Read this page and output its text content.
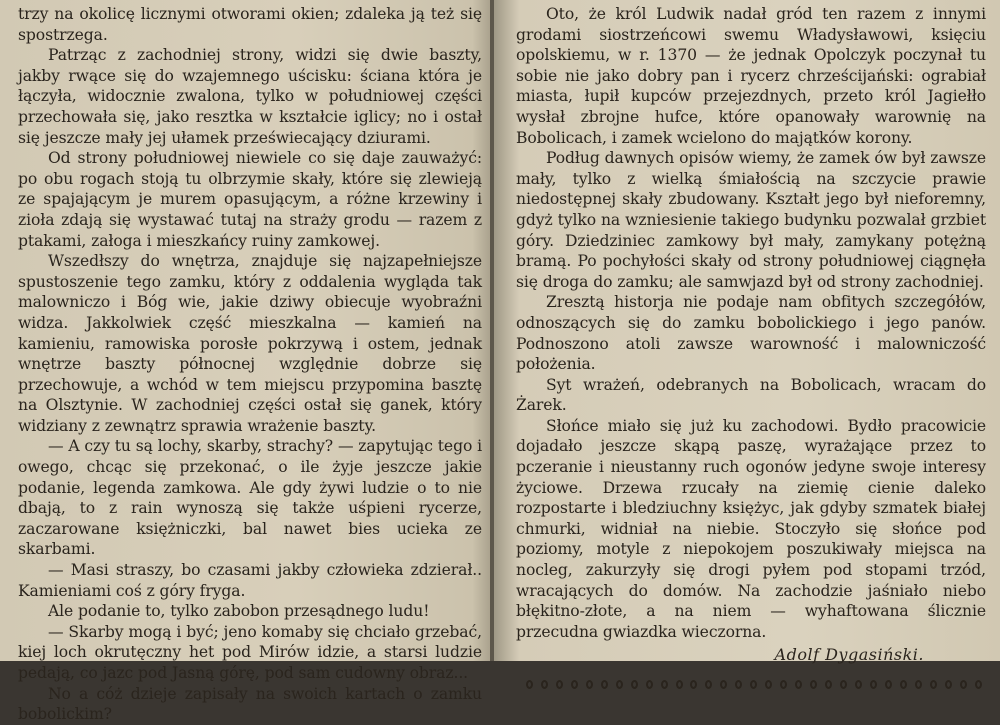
trzy na okolicę licznymi otworami okien; zdaleka ją też się spostrzega.

Patrząc z zachodniej strony, widzi się dwie baszty, jakby rwące się do wzajemnego uścisku: ściana która je łączyła, widocznie zwalona, tylko w południowej części przechowała się, jako resztka w kształcie iglicy; no i ostał się jeszcze mały jej ułamek przeświecający dziurami.

Od strony południowej niewiele co się daje zauważyć: po obu rogach stoją tu olbrzymie skały, które się zlewieją ze spajającym je murem opasującym, a różne krzewiny i zioła zdają się wystawać tutaj na straży grodu — razem z ptakami, załoga i mieszkańcy ruiny zamkowej.

Wszedłszy do wnętrza, znajduje się najzapełniejsze spustoszenie tego zamku, który z oddalenia wygląda tak malowniczo i Bóg wie, jakie dziwy obiecuje wyobraźni widza. Jakkolwiek część mieszkalna — kamień na kamieniu, ramowiska porosłe pokrzywą i ostem, jednak wnętrze baszty północnej względnie dobrze się przechowuje, a wchód w tem miejscu przypomina basztę na Olsztynie. W zachodniej części ostał się ganek, który widziany z zewnątrz sprawia wrażenie baszty.

— A czy tu są lochy, skarby, strachy? — zapytując tego i owego, chcąc się przekonać, o ile żyje jeszcze jakie podanie, legenda zamkowa. Ale gdy żywi ludzie o to nie dbają, to z rain wynoszą się także uśpieni rycerze, zaczarowane księżniczki, bal nawet bies ucieka ze skarbami.

— Masi straszy, bo czasami jakby człowieka zdzierał.. Kamieniami coś z góry fryga.

Ale podanie to, tylko zabobon przesądnego ludu!

— Skarby mogą i być; jeno komaby się chciało grzebać, kiej loch okrutęczny het pod Mirów idzie, a starsi ludzie pedają, co jazc pod Jasną górę, pod sam cudowny obraz...

No a cóż dzieje zapisały na swoich kartach o zamku bobolickim?

Oto, że król Ludwik nadał gród ten razem z innymi grodami siostrzeńcowi swemu Władysławowi, księciu opolskiemu, w r. 1370 — że jednak Opolczyk poczynał tu sobie nie jako dobry pan i rycerz chrześcijański: ograbiał miasta, łupił kupców przejezdnych, przeto król Jagiełło wysłał zbrojne hufce, które opanowały warownię na Bobolicach, i zamek wcielono do majątków korony.

Podług dawnych opisów wiemy, że zamek ów był zawsze mały, tylko z wielką śmiałością na szczycie prawie niedostępnej skały zbudowany. Kształt jego był nieforemny, gdyż tylko na wzniesienie takiego budynku pozwalał grzbiet góry. Dziedziniec zamkowy był mały, zamykany potężną bramą. Po pochyłości skały od strony południowej ciągnęła się droga do zamku; ale samwjazd był od strony zachodniej.

Zresztą historja nie podaje nam obfitych szczegółów, odnoszących się do zamku bobolickiego i jego panów. Podnoszono atoli zawsze warowność i malowniczość położenia.

Syt wrażeń, odebranych na Bobolicach, wracam do Żarek.

Słońce miało się już ku zachodowi. Bydło pracowicie dojadało jeszcze skąpą paszę, wyrażające przez to pczeranie i nieustanny ruch ogonów jedyne swoje interesy życiowe. Drzewa rzucały na ziemię cienie daleko rozpostarte i bledziuchny księżyc, jak gdyby szmatek białej chmurki, widniał na niebie. Stoczyło się słońce pod poziomy, motyle z niepokojem poszukiwały miejsca na nocleg, zakurzyły się drogi pyłem pod stopami trzód, wracających do domów. Na zachodzie jaśniało niebo błękitno-złote, a na niem — wyhaftowana ślicznie przecudna gwiazdka wieczorna.

Adolf Dygasiński.
